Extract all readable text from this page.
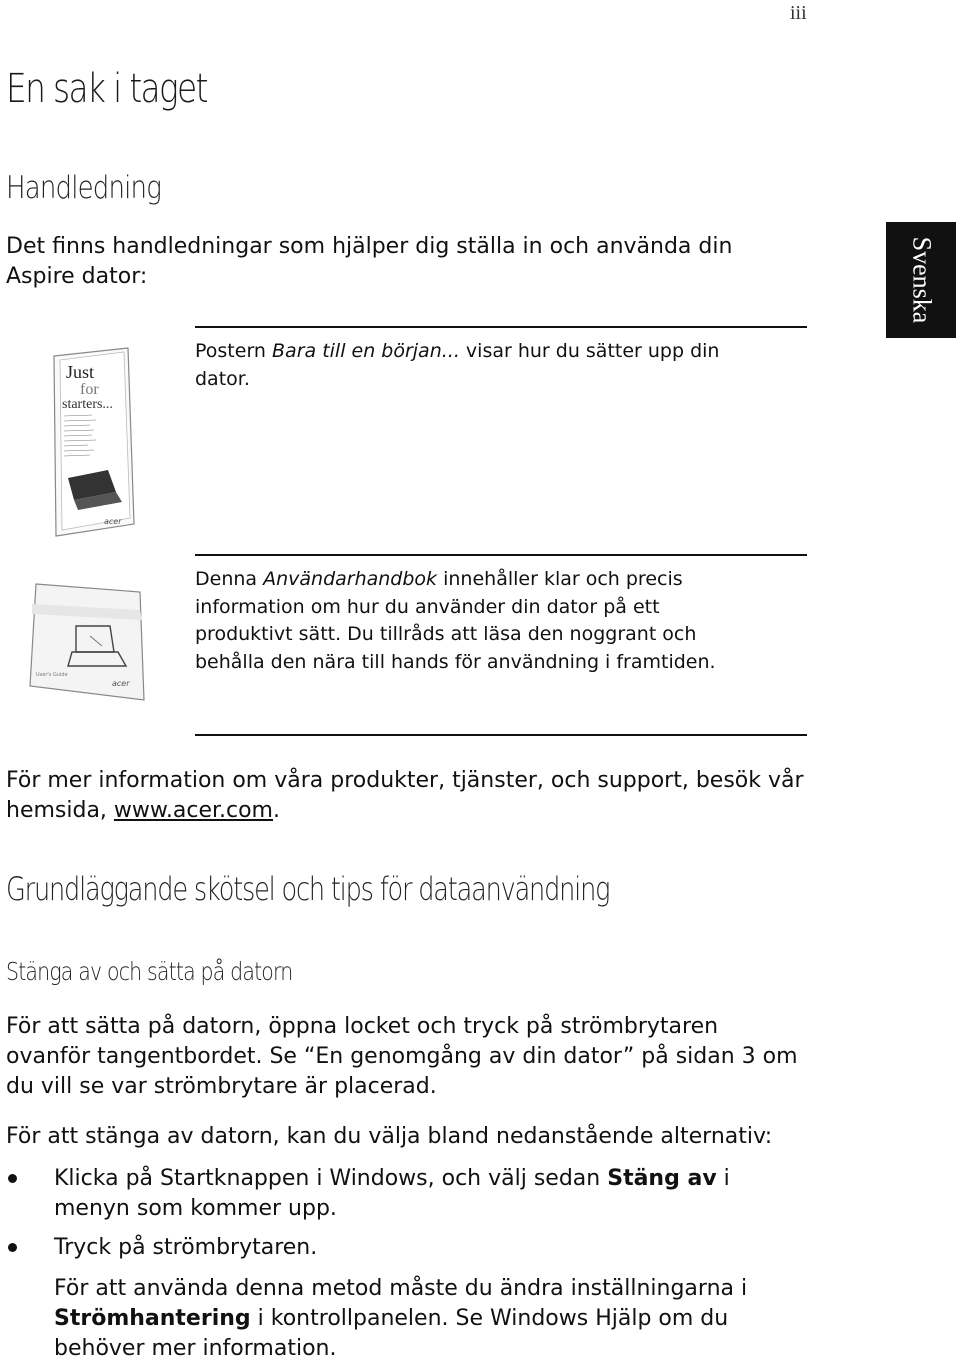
iii
Svenska
En sak i taget
Handledning
Det finns handledningar som hjälper dig ställa in och använda din Aspire dator:
Just
for
starters...
acer
Postern Bara till en början... visar hur du sätter upp din dator.
User's Guide
acer
Denna Användarhandbok innehåller klar och precis information om hur du använder din dator på ett produktivt sätt. Du tillråds att läsa den noggrant och behålla den nära till hands för användning i framtiden.
För mer information om våra produkter, tjänster, och support, besök vår hemsida, www.acer.com.
Grundläggande skötsel och tips för dataanvändning
Stänga av och sätta på datorn
För att sätta på datorn, öppna locket och tryck på strömbrytaren ovanför tangentbordet. Se “En genomgång av din dator” på sidan 3 om du vill se var strömbrytare är placerad.
För att stänga av datorn, kan du välja bland nedanstående alternativ:
Klicka på Startknappen i Windows, och välj sedan Stäng av i menyn som kommer upp.
Tryck på strömbrytaren.
För att använda denna metod måste du ändra inställningarna i Strömhantering i kontrollpanelen. Se Windows Hjälp om du behöver mer information.
